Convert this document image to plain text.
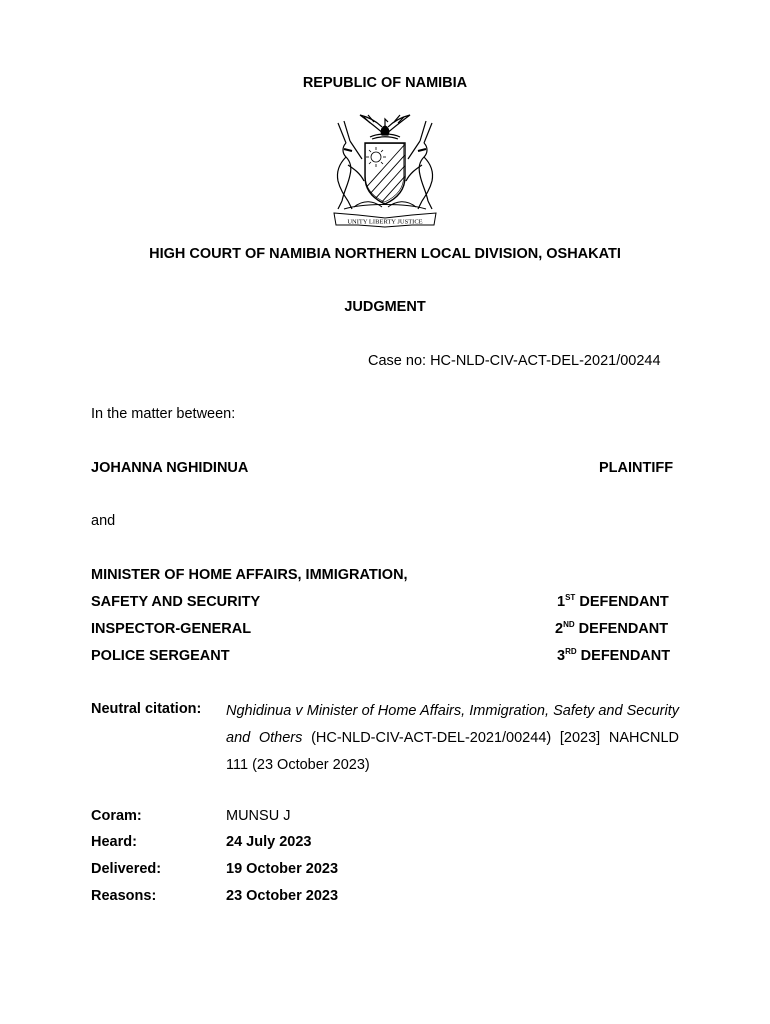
REPUBLIC OF NAMIBIA
UNITY LIBERTY JUSTICE
HIGH COURT OF NAMIBIA NORTHERN LOCAL DIVISION, OSHAKATI
JUDGMENT
Case no: HC-NLD-CIV-ACT-DEL-2021/00244
In the matter between:
JOHANNA NGHIDINUA	PLAINTIFF
and
MINISTER OF HOME AFFAIRS, IMMIGRATION,
SAFETY AND SECURITY	1ST DEFENDANT
INSPECTOR-GENERAL	2ND DEFENDANT
POLICE SERGEANT	3RD DEFENDANT
Neutral citation: Nghidinua v Minister of Home Affairs, Immigration, Safety and Security and Others (HC-NLD-CIV-ACT-DEL-2021/00244) [2023] NAHCNLD 111 (23 October 2023)
Coram:	MUNSU J
Heard:	24 July 2023
Delivered:	19 October 2023
Reasons:	23 October 2023
